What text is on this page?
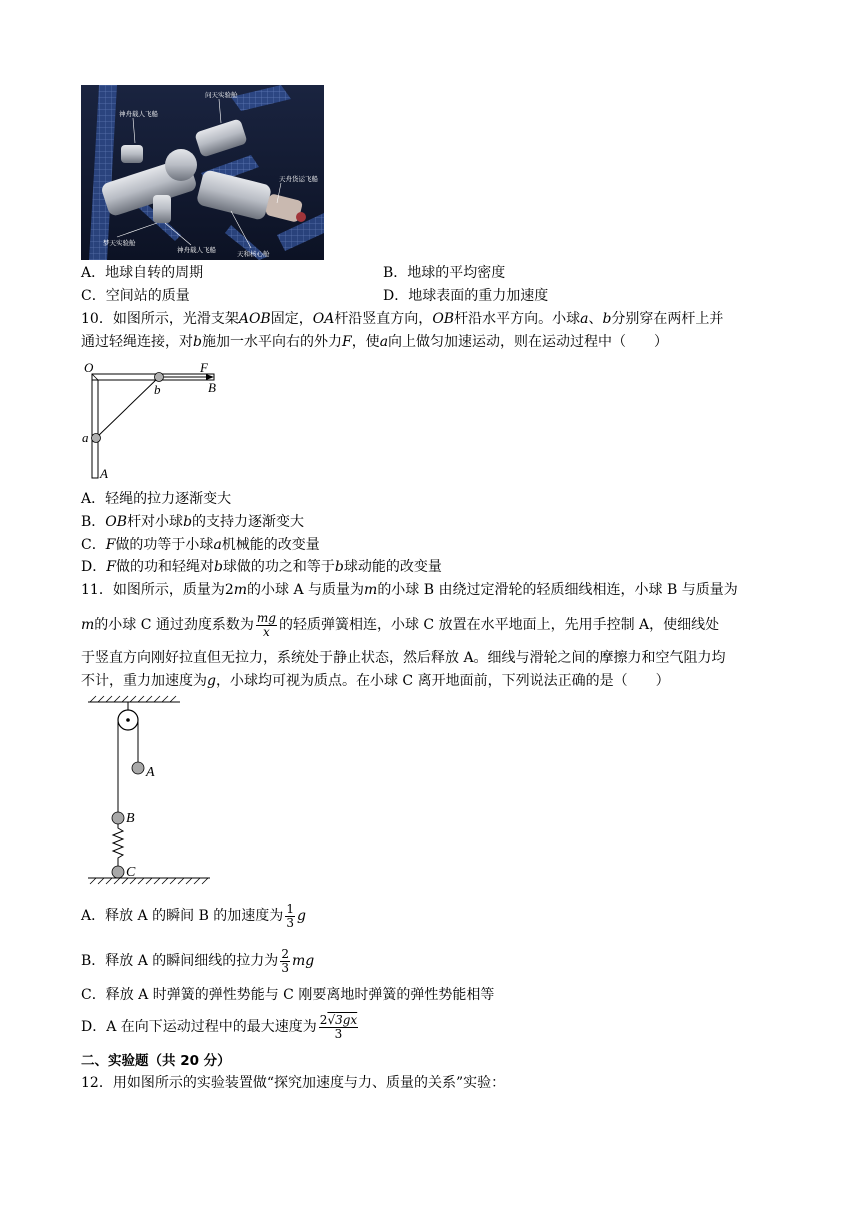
问天实验舱
神舟载人飞船
天舟货运飞船
梦天实验舱
神舟载人飞船
天和核心舱
A．地球自转的周期	B．地球的平均密度
C．空间站的质量	D．地球表面的重力加速度
10．如图所示，光滑支架AOB固定，OA杆沿竖直方向，OB杆沿水平方向。小球a、b分别穿在两杆上并
通过轻绳连接，对b施加一水平向右的外力F，使a向上做匀加速运动，则在运动过程中（　　）
O	F
B
b
a
A
A．轻绳的拉力逐渐变大
B．OB杆对小球b的支持力逐渐变大
C．F做的功等于小球a机械能的改变量
D．F做的功和轻绳对b球做的功之和等于b球动能的改变量
11．如图所示，质量为2m的小球 A 与质量为m的小球 B 由绕过定滑轮的轻质细线相连，小球 B 与质量为
m的小球 C 通过劲度系数为 $\frac{mg}{x}$ 的轻质弹簧相连，小球 C 放置在水平地面上，先用手控制 A，使细线处
于竖直方向刚好拉直但无拉力，系统处于静止状态，然后释放 A。细线与滑轮之间的摩擦力和空气阻力均
不计，重力加速度为g，小球均可视为质点。在小球 C 离开地面前，下列说法正确的是（　　）
A
B
C
A．释放 A 的瞬间 B 的加速度为 $\frac{1}{3}$ g
B．释放 A 的瞬间细线的拉力为 $\frac{2}{3}$ mg
C．释放 A 时弹簧的弹性势能与 C 刚要离地时弹簧的弹性势能相等
D．A 在向下运动过程中的最大速度为 $\frac{2√3gx}{3}$
二、实验题（共 20 分）
12．用如图所示的实验装置做“探究加速度与力、质量的关系”实验：
